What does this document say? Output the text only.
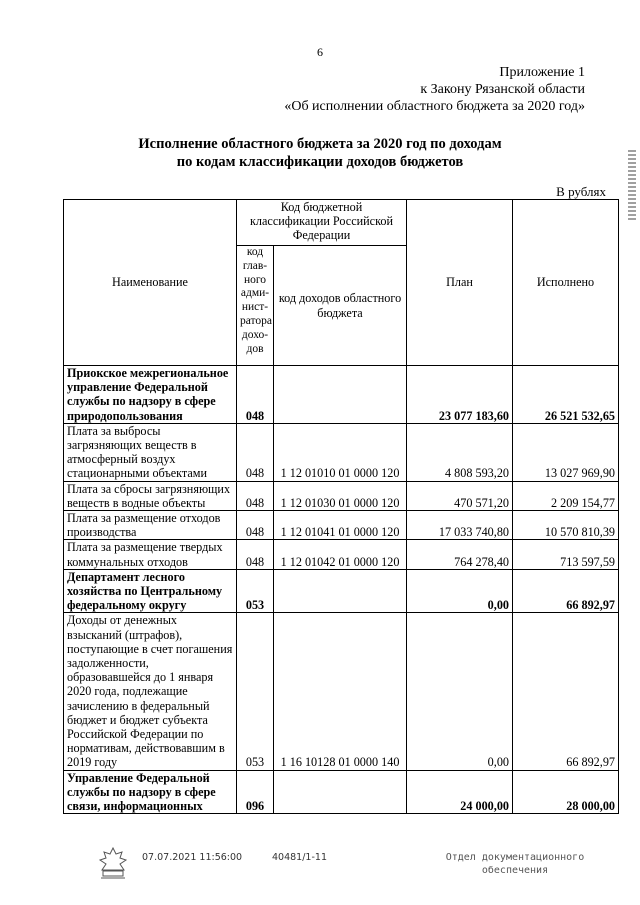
6
Приложение 1
к Закону Рязанской области
«Об исполнении областного бюджета за 2020 год»
Исполнение областного бюджета за 2020 год по доходам
по кодам классификации доходов бюджетов
В рублях
Наименование	Код бюджетной классификации Российской Федерации		План	Исполнено
	код глав-ного адми-нист-ратора дохо-дов	код доходов областного бюджета		
Приокское межрегиональное управление Федеральной службы по надзору в сфере природопользования	048		23 077 183,60	26 521 532,65
Плата за выбросы загрязняющих веществ в атмосферный воздух стационарными объектами	048	1 12 01010 01 0000 120	4 808 593,20	13 027 969,90
Плата за сбросы загрязняющих веществ в водные объекты	048	1 12 01030 01 0000 120	470 571,20	2 209 154,77
Плата за размещение отходов производства	048	1 12 01041 01 0000 120	17 033 740,80	10 570 810,39
Плата за размещение твердых коммунальных отходов	048	1 12 01042 01 0000 120	764 278,40	713 597,59
Департамент лесного хозяйства по Центральному федеральному округу	053		0,00	66 892,97
Доходы от денежных взысканий (штрафов), поступающие в счет погашения задолженности, образовавшейся до 1 января 2020 года, подлежащие зачислению в федеральный бюджет и бюджет субъекта Российской Федерации по нормативам, действовавшим в 2019 году	053	1 16 10128 01 0000 140	0,00	66 892,97
Управление Федеральной службы по надзору в сфере связи, информационных	096		24 000,00	28 000,00
07.07.2021 11:56:00	40481/1-11	Отдел документационного
обеспечения
